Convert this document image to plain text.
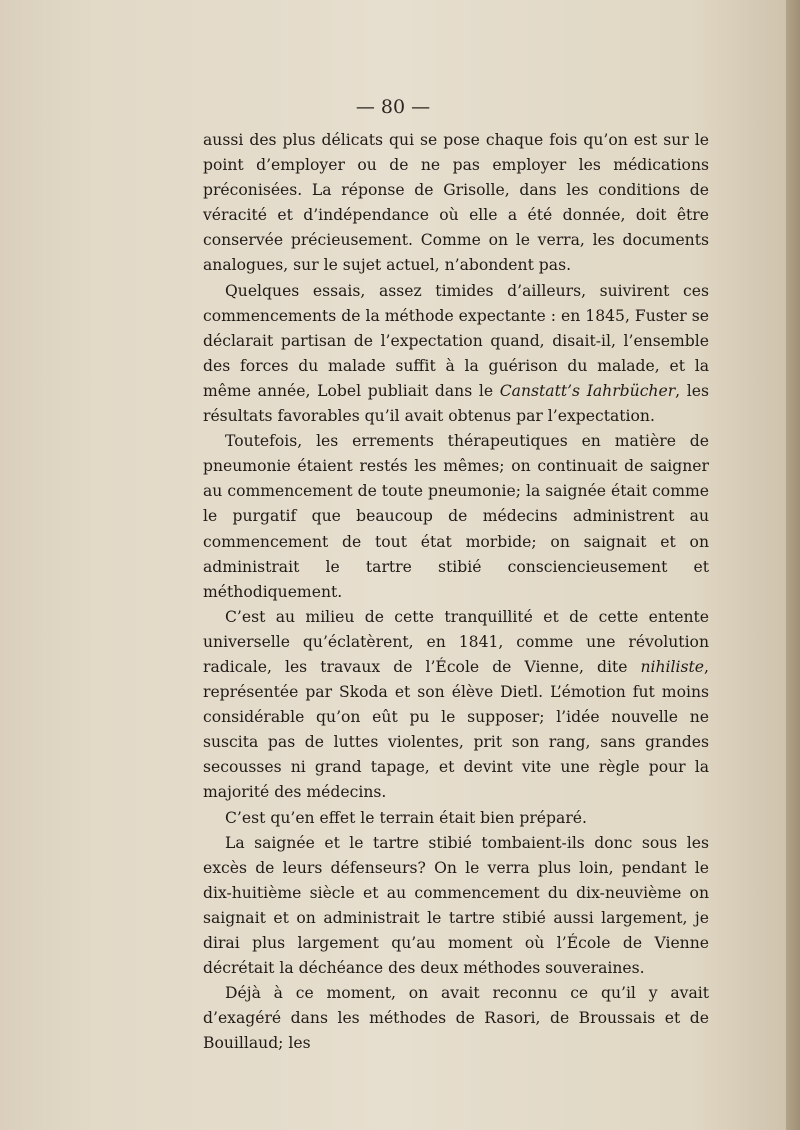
— 80 —

aussi des plus délicats qui se pose chaque fois qu’on est sur le point d’employer ou de ne pas employer les médications préconisées. La réponse de Grisolle, dans les conditions de véracité et d’indépendance où elle a été donnée, doit être conservée précieusement. Comme on le verra, les documents analogues, sur le sujet actuel, n’abondent pas.

Quelques essais, assez timides d’ailleurs, suivirent ces commencements de la méthode expectante : en 1845, Fuster se déclarait partisan de l’expectation quand, disait-il, l’ensemble des forces du malade suffit à la guérison du malade, et la même année, Lobel publiait dans le Canstatt’s Iahrbücher, les résultats favorables qu’il avait obtenus par l’expectation.

Toutefois, les errements thérapeutiques en matière de pneumonie étaient restés les mêmes; on continuait de saigner au commencement de toute pneumonie; la saignée était comme le purgatif que beaucoup de médecins administrent au commencement de tout état morbide; on saignait et on administrait le tartre stibié consciencieusement et méthodiquement.

C’est au milieu de cette tranquillité et de cette entente universelle qu’éclatèrent, en 1841, comme une révolution radicale, les travaux de l’École de Vienne, dite nihiliste, représentée par Skoda et son élève Dietl. L’émotion fut moins considérable qu’on eût pu le supposer; l’idée nouvelle ne suscita pas de luttes violentes, prit son rang, sans grandes secousses ni grand tapage, et devint vite une règle pour la majorité des médecins.

C’est qu’en effet le terrain était bien préparé.

La saignée et le tartre stibié tombaient-ils donc sous les excès de leurs défenseurs? On le verra plus loin, pendant le dix-huitième siècle et au commencement du dix-neuvième on saignait et on administrait le tartre stibié aussi largement, je dirai plus largement qu’au moment où l’École de Vienne décrétait la déchéance des deux méthodes souveraines.

Déjà à ce moment, on avait reconnu ce qu’il y avait d’exagéré dans les méthodes de Rasori, de Broussais et de Bouillaud; les
